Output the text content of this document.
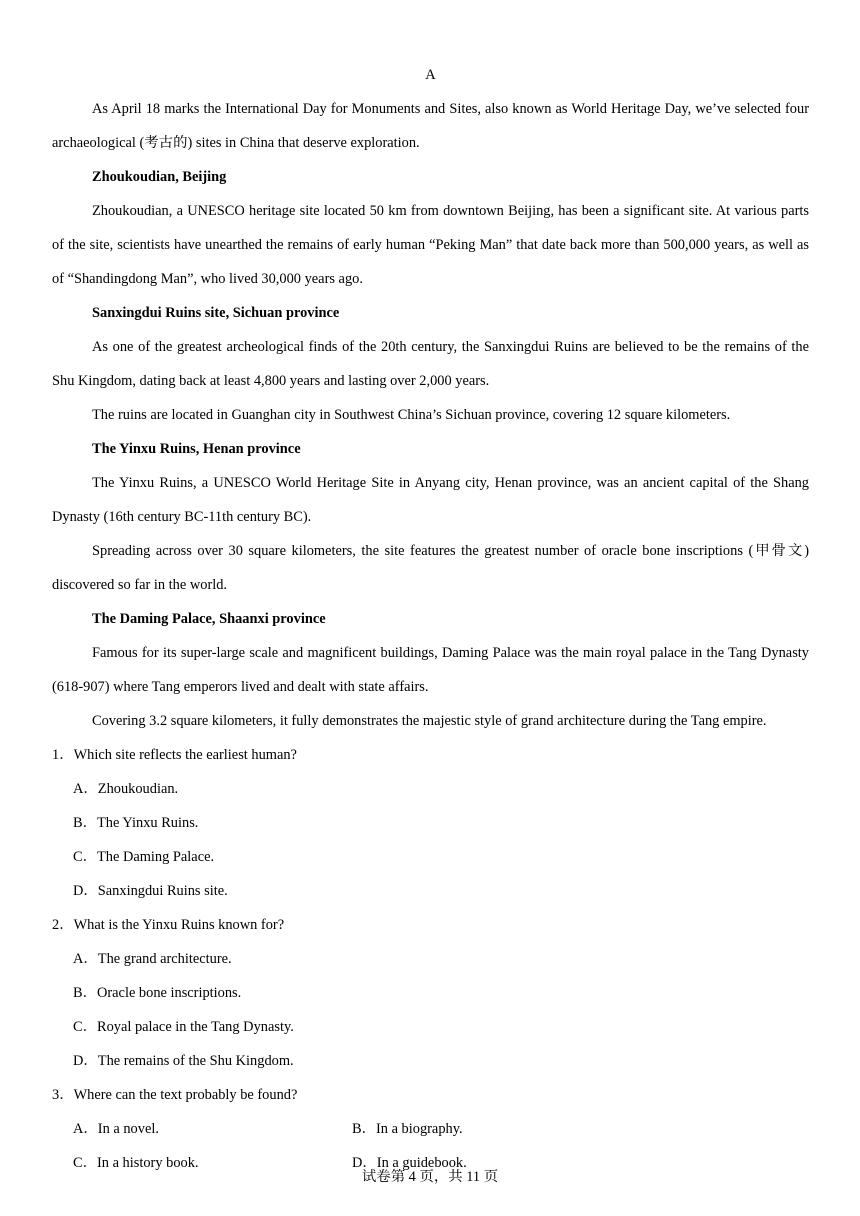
A

As April 18 marks the International Day for Monuments and Sites, also known as World Heritage Day, we’ve selected four archaeological (考古的) sites in China that deserve exploration.

Zhoukoudian, Beijing

Zhoukoudian, a UNESCO heritage site located 50 km from downtown Beijing, has been a significant site. At various parts of the site, scientists have unearthed the remains of early human “Peking Man” that date back more than 500,000 years, as well as of “Shandingdong Man”, who lived 30,000 years ago.

Sanxingdui Ruins site, Sichuan province

As one of the greatest archeological finds of the 20th century, the Sanxingdui Ruins are believed to be the remains of the Shu Kingdom, dating back at least 4,800 years and lasting over 2,000 years.

The ruins are located in Guanghan city in Southwest China’s Sichuan province, covering 12 square kilometers.

The Yinxu Ruins, Henan province

The Yinxu Ruins, a UNESCO World Heritage Site in Anyang city, Henan province, was an ancient capital of the Shang Dynasty (16th century BC-11th century BC).

Spreading across over 30 square kilometers, the site features the greatest number of oracle bone inscriptions (甲骨文) discovered so far in the world.

The Daming Palace, Shaanxi province

Famous for its super-large scale and magnificent buildings, Daming Palace was the main royal palace in the Tang Dynasty (618-907) where Tang emperors lived and dealt with state affairs.

Covering 3.2 square kilometers, it fully demonstrates the majestic style of grand architecture during the Tang empire.

1．Which site reflects the earliest human?
A．Zhoukoudian.
B．The Yinxu Ruins.
C．The Daming Palace.
D．Sanxingdui Ruins site.
2．What is the Yinxu Ruins known for?
A．The grand architecture.
B．Oracle bone inscriptions.
C．Royal palace in the Tang Dynasty.
D．The remains of the Shu Kingdom.
3．Where can the text probably be found?
A．In a novel.	B．In a biography.
C．In a history book.	D．In a guidebook.
试卷第 4 页，共 11 页
